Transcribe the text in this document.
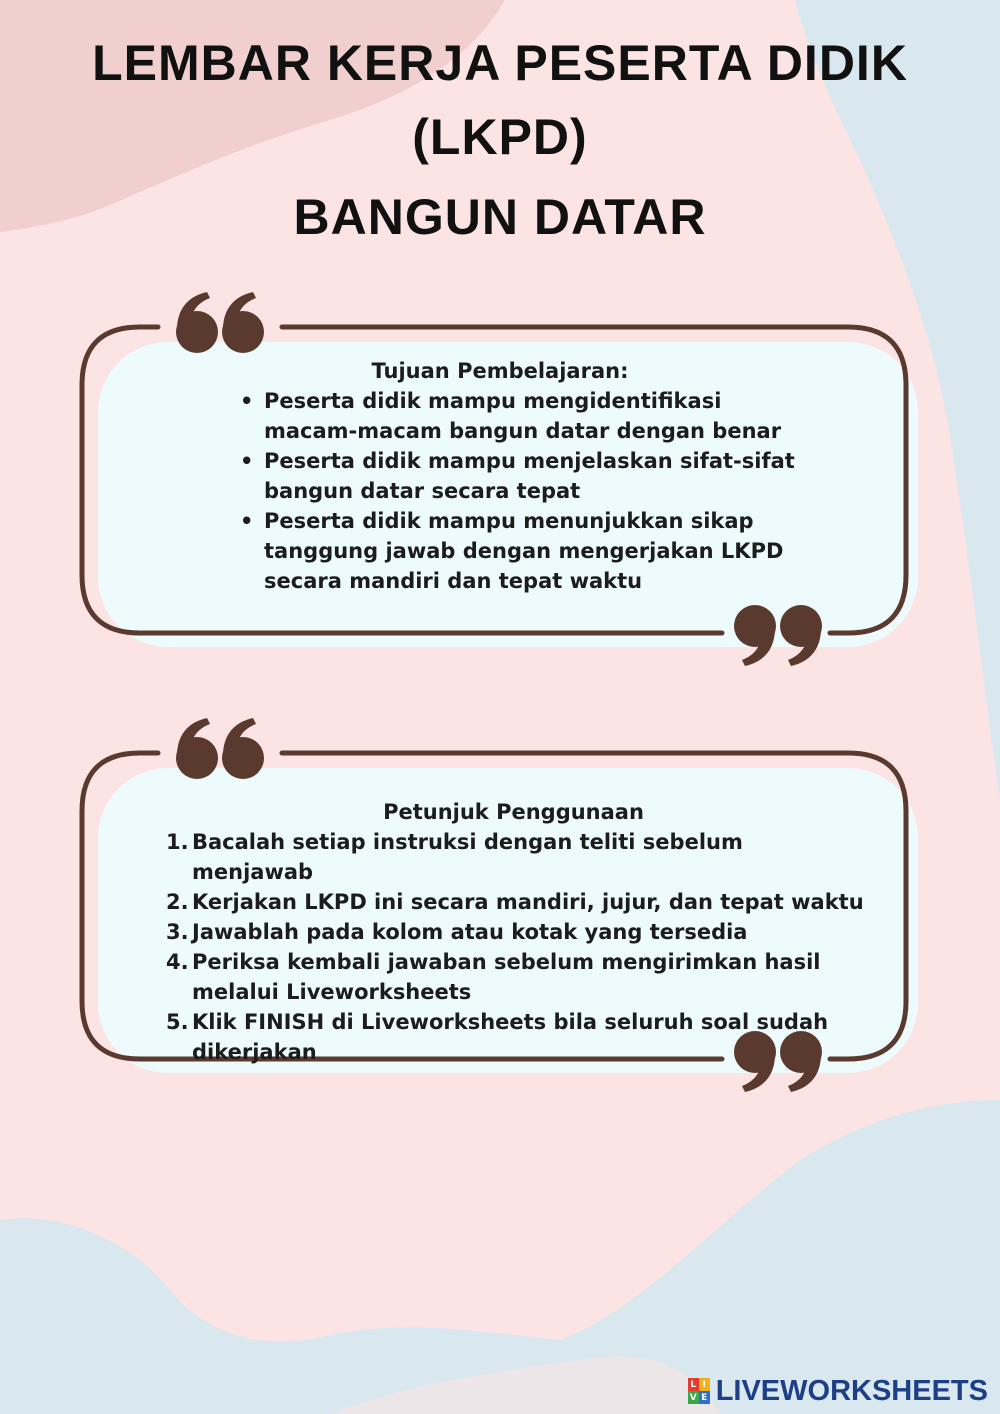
LEMBAR KERJA PESERTA DIDIK
(LKPD)
BANGUN DATAR
Tujuan Pembelajaran:
• Peserta didik mampu mengidentifikasi
macam-macam bangun datar dengan benar
• Peserta didik mampu menjelaskan sifat-sifat
bangun datar secara tepat
• Peserta didik mampu menunjukkan sikap
tanggung jawab dengan mengerjakan LKPD
secara mandiri dan tepat waktu
Petunjuk Penggunaan
1. Bacalah setiap instruksi dengan teliti sebelum menjawab
2. Kerjakan LKPD ini secara mandiri, jujur, dan tepat waktu
3. Jawablah pada kolom atau kotak yang tersedia
4. Periksa kembali jawaban sebelum mengirimkan hasil
melalui Liveworksheets
5. Klik FINISH di Liveworksheets bila seluruh soal sudah
dikerjakan
L I
V E LIVEWORKSHEETS
